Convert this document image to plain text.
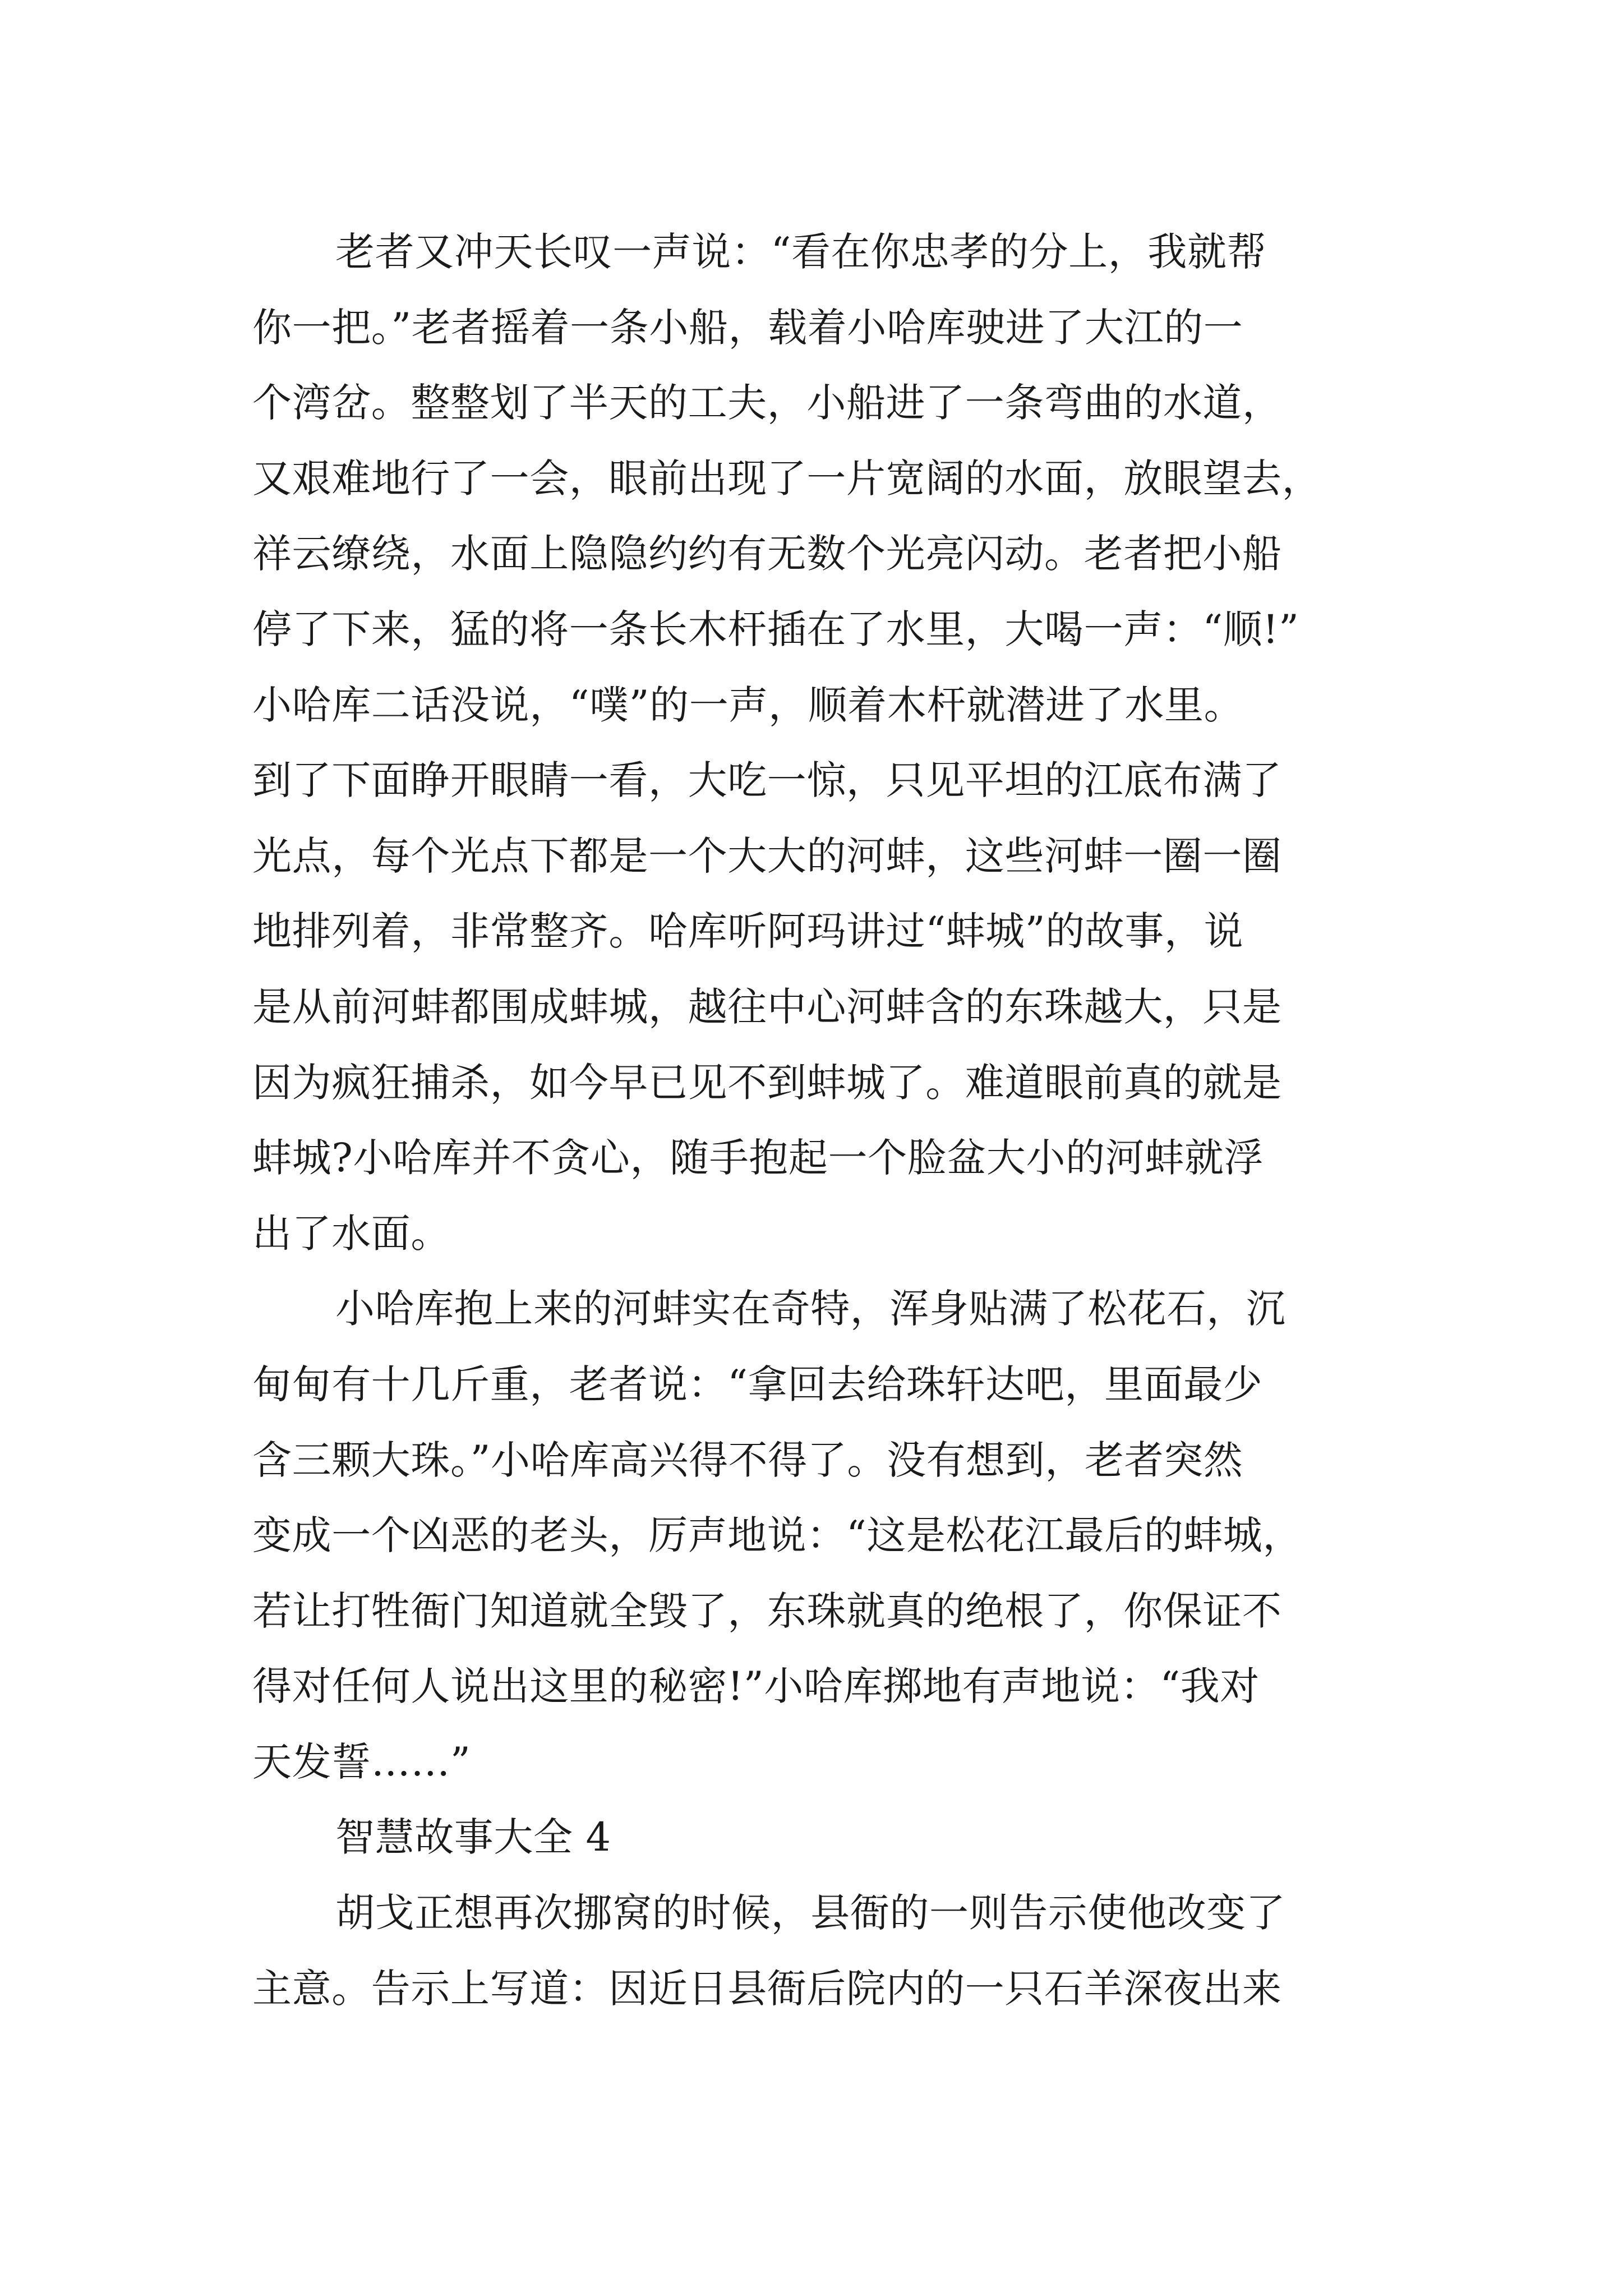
老者又冲天长叹一声说：“看在你忠孝的分上，我就帮
你一把。”老者摇着一条小船，载着小哈库驶进了大江的一
个湾岔。整整划了半天的工夫，小船进了一条弯曲的水道，
又艰难地行了一会，眼前出现了一片宽阔的水面，放眼望去，
祥云缭绕，水面上隐隐约约有无数个光亮闪动。老者把小船
停了下来，猛的将一条长木杆插在了水里，大喝一声：“顺!”
小哈库二话没说，“噗”的一声，顺着木杆就潜进了水里。
到了下面睁开眼睛一看，大吃一惊，只见平坦的江底布满了
光点，每个光点下都是一个大大的河蚌，这些河蚌一圈一圈
地排列着，非常整齐。哈库听阿玛讲过“蚌城”的故事，说
是从前河蚌都围成蚌城，越往中心河蚌含的东珠越大，只是
因为疯狂捕杀，如今早已见不到蚌城了。难道眼前真的就是
蚌城?小哈库并不贪心，随手抱起一个脸盆大小的河蚌就浮
出了水面。
小哈库抱上来的河蚌实在奇特，浑身贴满了松花石，沉
甸甸有十几斤重，老者说：“拿回去给珠轩达吧，里面最少
含三颗大珠。”小哈库高兴得不得了。没有想到，老者突然
变成一个凶恶的老头，厉声地说：“这是松花江最后的蚌城，
若让打牲衙门知道就全毁了，东珠就真的绝根了，你保证不
得对任何人说出这里的秘密!”小哈库掷地有声地说：“我对
天发誓……”
智慧故事大全 4
胡戈正想再次挪窝的时候，县衙的一则告示使他改变了
主意。告示上写道：因近日县衙后院内的一只石羊深夜出来
